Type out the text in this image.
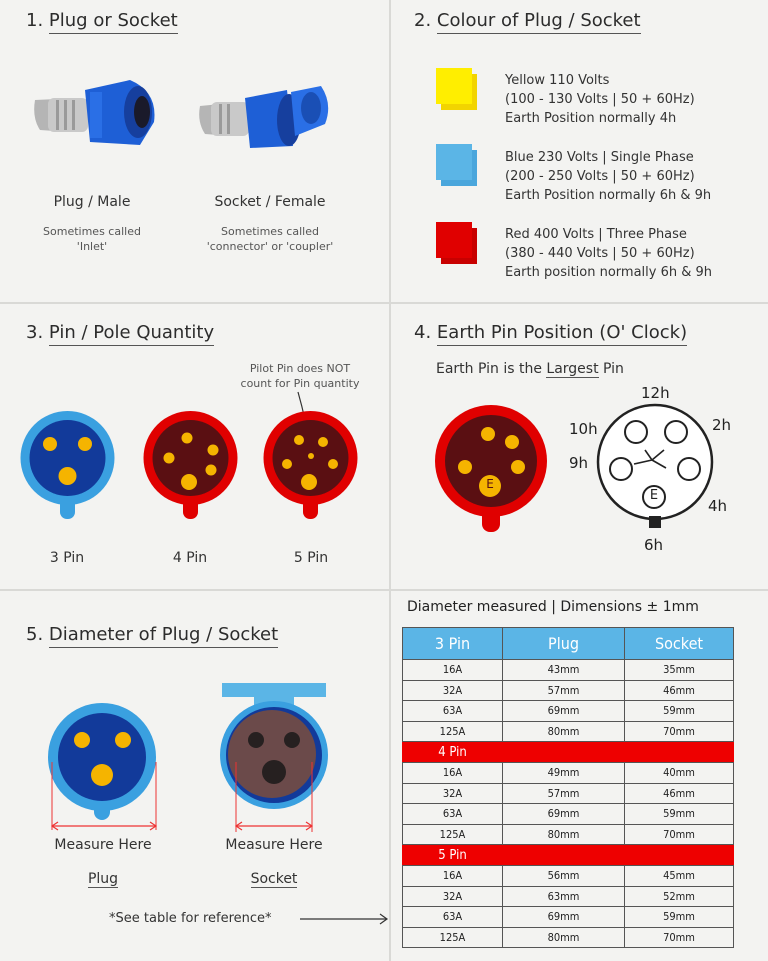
1. Plug or Socket
Plug / Male
Sometimes called
'Inlet'
Socket / Female
Sometimes called
'connector' or 'coupler'
2. Colour of Plug / Socket
Yellow 110 Volts
(100 - 130 Volts | 50 + 60Hz)
Earth Position normally 4h
Blue 230 Volts | Single Phase
(200 - 250 Volts | 50 + 60Hz)
Earth Position normally 6h & 9h
Red 400 Volts | Three Phase
(380 - 440 Volts | 50 + 60Hz)
Earth position normally 6h & 9h
3. Pin / Pole Quantity
Pilot Pin does NOT
count for Pin quantity
3 Pin	4 Pin	5 Pin
4. Earth Pin Position (O' Clock)
Earth Pin is the Largest Pin
E
E
12h
2h
10h
9h
4h
6h
5. Diameter of Plug / Socket
Measure Here	Measure Here
Plug	Socket
*See table for reference*
Diameter measured | Dimensions ± 1mm
3 Pin	Plug	Socket
16A	43mm	35mm
32A	57mm	46mm
63A	69mm	59mm
125A	80mm	70mm
4 Pin		
16A	49mm	40mm
32A	57mm	46mm
63A	69mm	59mm
125A	80mm	70mm
5 Pin		
16A	56mm	45mm
32A	63mm	52mm
63A	69mm	59mm
125A	80mm	70mm
